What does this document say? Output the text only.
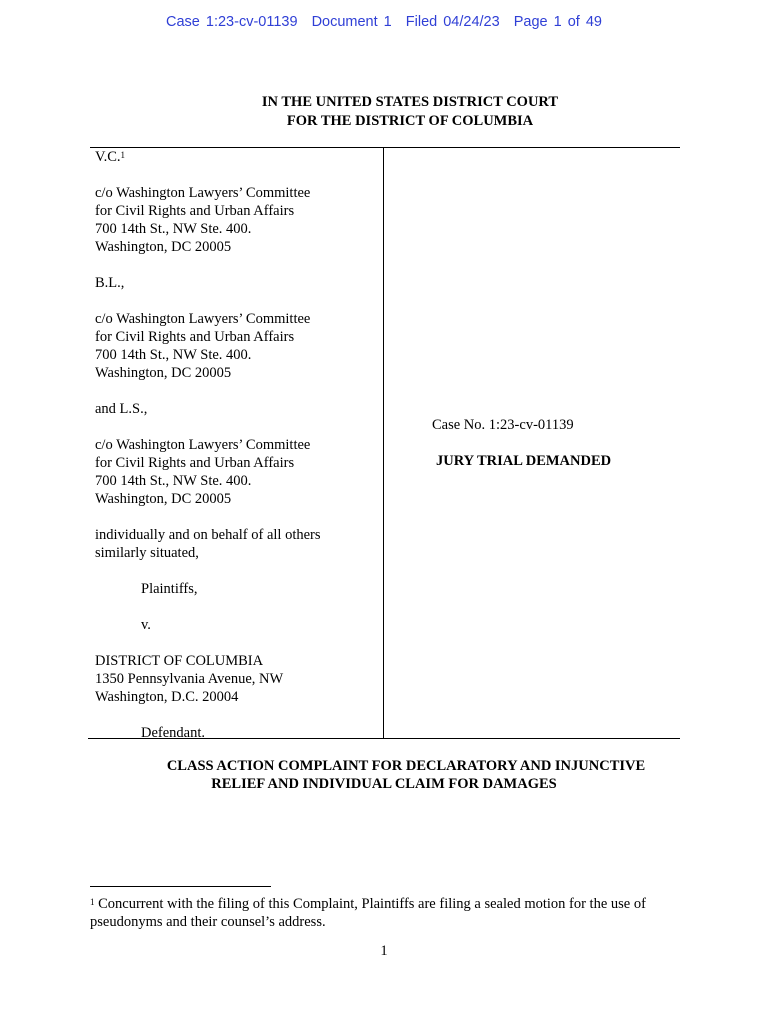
Case 1:23-cv-01139 Document 1 Filed 04/24/23 Page 1 of 49
IN THE UNITED STATES DISTRICT COURT
FOR THE DISTRICT OF COLUMBIA
V.C.$^1$
c/o Washington Lawyers’ Committee
for Civil Rights and Urban Affairs
700 14th St., NW Ste. 400.
Washington, DC 20005
B.L.,
c/o Washington Lawyers’ Committee
for Civil Rights and Urban Affairs
700 14th St., NW Ste. 400.
Washington, DC 20005
and L.S.,
c/o Washington Lawyers’ Committee
for Civil Rights and Urban Affairs
700 14th St., NW Ste. 400.
Washington, DC 20005
individually and on behalf of all others
similarly situated,
Plaintiffs,
v.
DISTRICT OF COLUMBIA
1350 Pennsylvania Avenue, NW
Washington, D.C. 20004
Defendant.
Case No. 1:23-cv-01139
JURY TRIAL DEMANDED
CLASS ACTION COMPLAINT FOR DECLARATORY AND INJUNCTIVE
RELIEF AND INDIVIDUAL CLAIM FOR DAMAGES
$^1$ Concurrent with the filing of this Complaint, Plaintiffs are filing a sealed motion for the use of pseudonyms and their counsel’s address.
1
